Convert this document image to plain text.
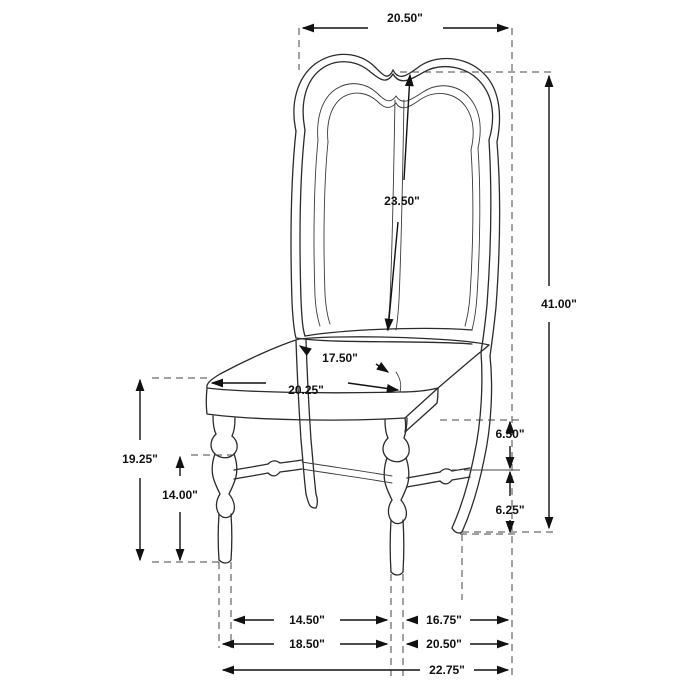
20.50"
23.50"
41.00"
17.50"
20.25"
19.25"
14.00"
6.50"
6.25"
14.50"	16.75"
18.50"	20.50"
22.75"
